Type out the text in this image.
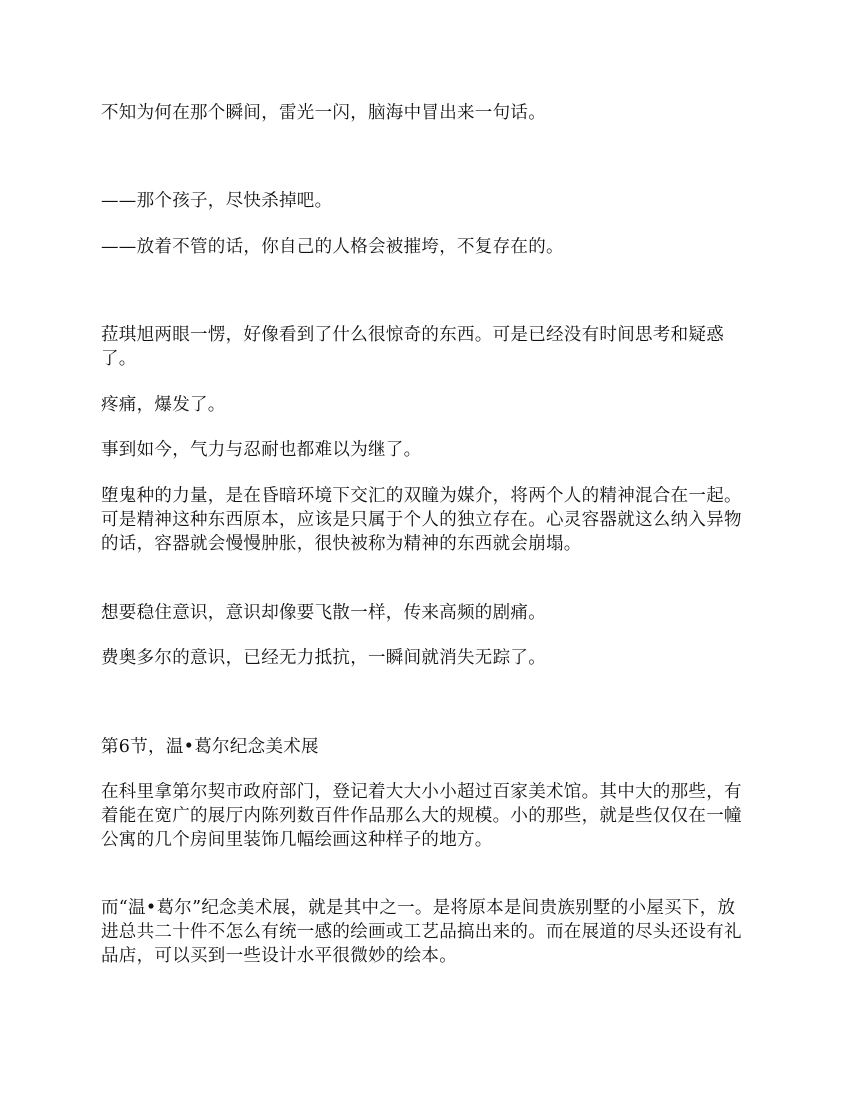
不知为何在那个瞬间，雷光一闪，脑海中冒出来一句话。

——那个孩子，尽快杀掉吧。

——放着不管的话，你自己的人格会被摧垮，不复存在的。

菈琪旭两眼一愣，好像看到了什么很惊奇的东西。可是已经没有时间思考和疑惑了。

疼痛，爆发了。

事到如今，气力与忍耐也都难以为继了。

堕鬼种的力量，是在昏暗环境下交汇的双瞳为媒介，将两个人的精神混合在一起。可是精神这种东西原本，应该是只属于个人的独立存在。心灵容器就这么纳入异物的话，容器就会慢慢肿胀，很快被称为精神的东西就会崩塌。

想要稳住意识，意识却像要飞散一样，传来高频的剧痛。

费奥多尔的意识，已经无力抵抗，一瞬间就消失无踪了。

第6节，温•葛尔纪念美术展

在科里拿第尔契市政府部门，登记着大大小小超过百家美术馆。其中大的那些，有着能在宽广的展厅内陈列数百件作品那么大的规模。小的那些，就是些仅仅在一幢公寓的几个房间里装饰几幅绘画这种样子的地方。

而“温•葛尔”纪念美术展，就是其中之一。是将原本是间贵族别墅的小屋买下，放进总共二十件不怎么有统一感的绘画或工艺品搞出来的。而在展道的尽头还设有礼品店，可以买到一些设计水平很微妙的绘本。
